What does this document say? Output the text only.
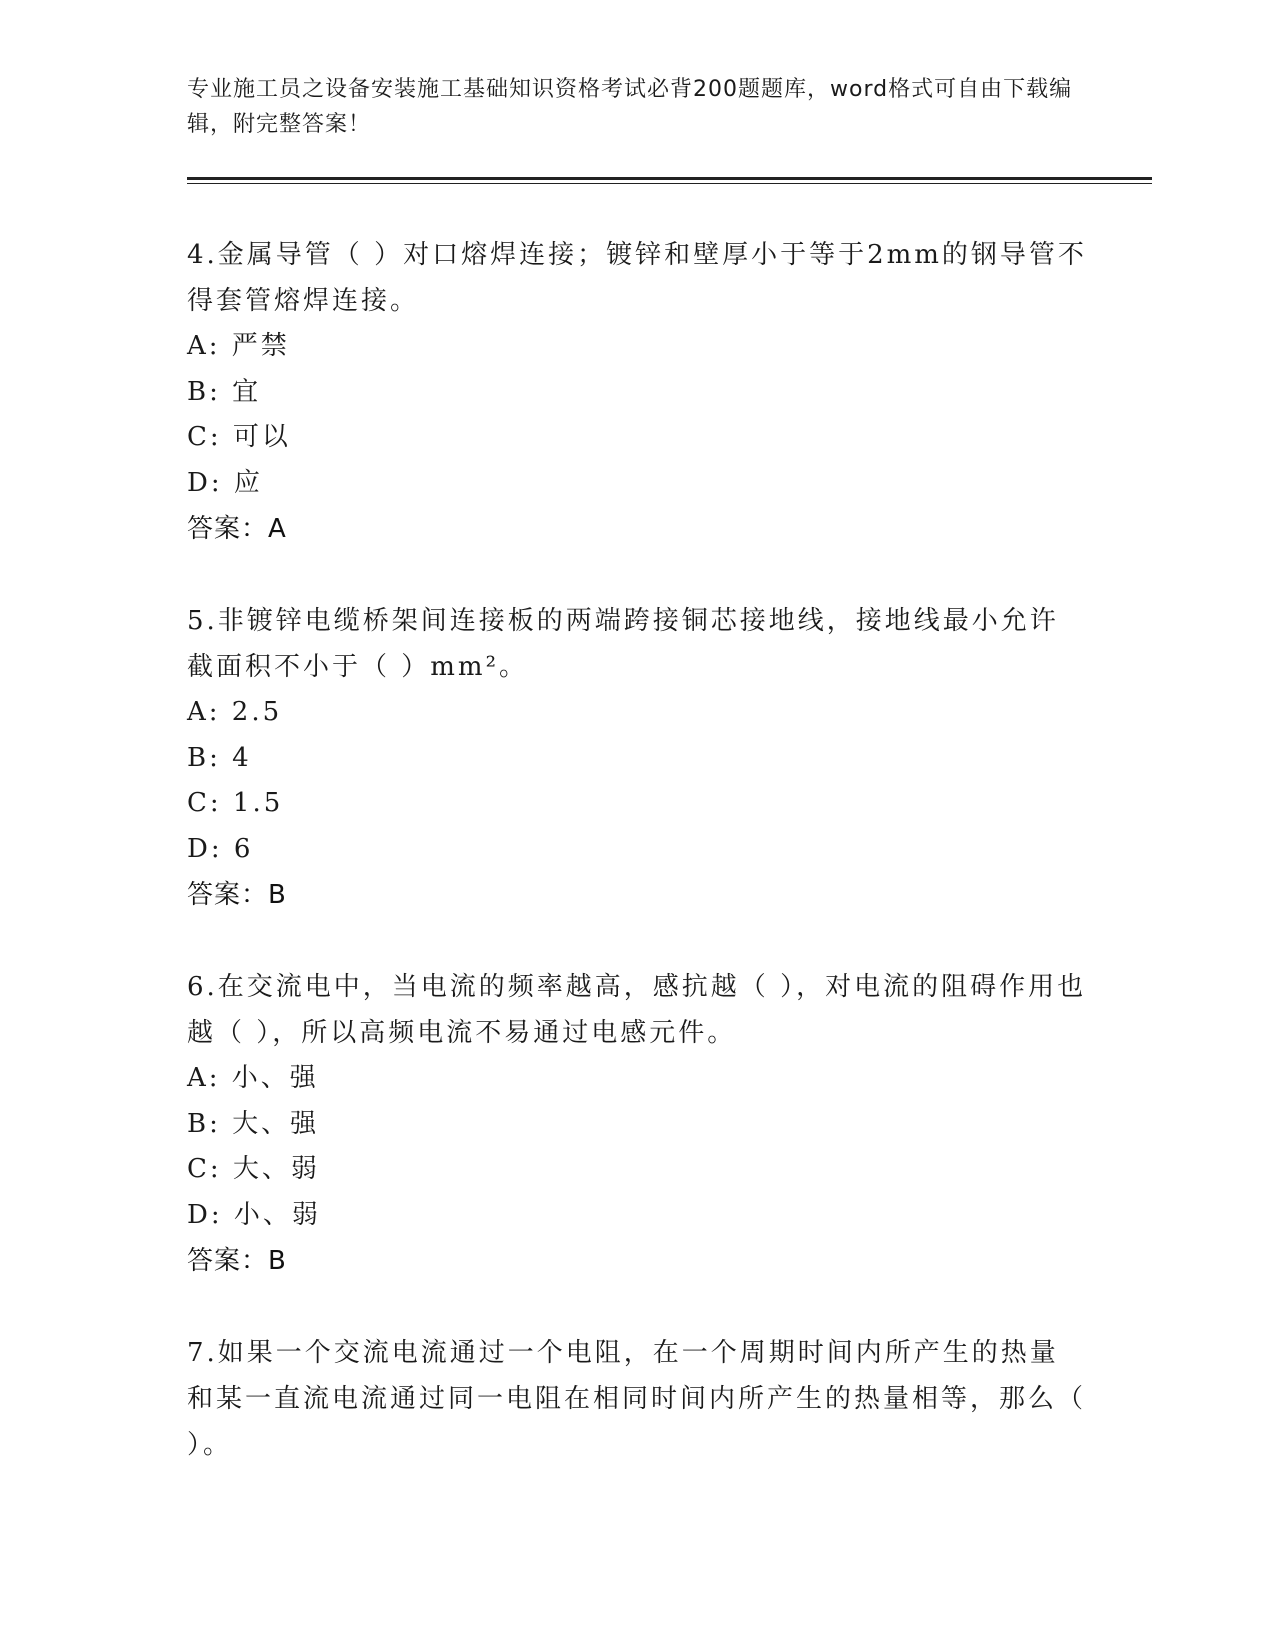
专业施工员之设备安装施工基础知识资格考试必背200题题库，word格式可自由下载编辑，附完整答案！
4.金属导管（ ）对口熔焊连接；镀锌和壁厚小于等于2mm的钢导管不得套管熔焊连接。
A: 严禁
B: 宜
C: 可以
D: 应
答案：A
5.非镀锌电缆桥架间连接板的两端跨接铜芯接地线，接地线最小允许截面积不小于（ ）mm²。
A: 2.5
B: 4
C: 1.5
D: 6
答案：B
6.在交流电中，当电流的频率越高，感抗越（ ），对电流的阻碍作用也越（ ），所以高频电流不易通过电感元件。
A: 小、强
B: 大、强
C: 大、弱
D: 小、弱
答案：B
7.如果一个交流电流通过一个电阻，在一个周期时间内所产生的热量和某一直流电流通过同一电阻在相同时间内所产生的热量相等，那么（ ）。
